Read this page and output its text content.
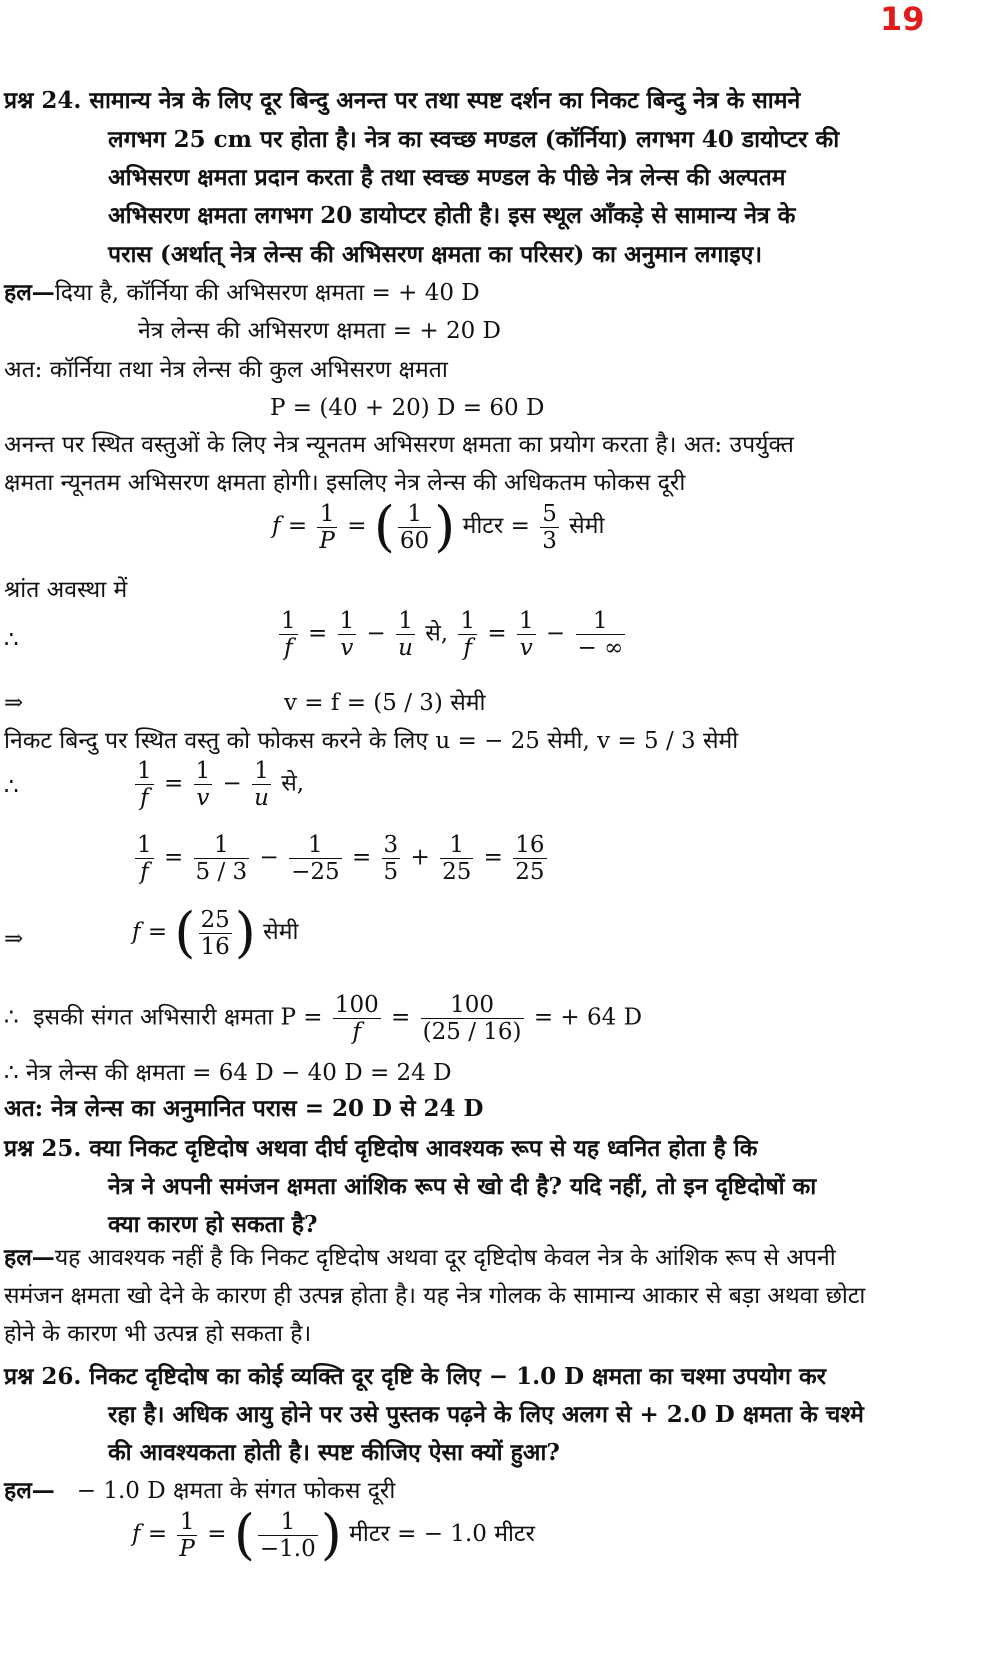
19
प्रश्न 24. सामान्य नेत्र के लिए दूर बिन्दु अनन्त पर तथा स्पष्ट दर्शन का निकट बिन्दु नेत्र के सामने
लगभग 25 cm पर होता है। नेत्र का स्वच्छ मण्डल (कॉर्निया) लगभग 40 डायोप्टर की
अभिसरण क्षमता प्रदान करता है तथा स्वच्छ मण्डल के पीछे नेत्र लेन्स की अल्पतम
अभिसरण क्षमता लगभग 20 डायोप्टर होती है। इस स्थूल आँकड़े से सामान्य नेत्र के
परास (अर्थात् नेत्र लेन्स की अभिसरण क्षमता का परिसर) का अनुमान लगाइए।
हल—दिया है, कॉर्निया की अभिसरण क्षमता = + 40 D
नेत्र लेन्स की अभिसरण क्षमता = + 20 D
अत: कॉर्निया तथा नेत्र लेन्स की कुल अभिसरण क्षमता
P = (40 + 20) D = 60 D
अनन्त पर स्थित वस्तुओं के लिए नेत्र न्यूनतम अभिसरण क्षमता का प्रयोग करता है। अत: उपर्युक्त
क्षमता न्यूनतम अभिसरण क्षमता होगी। इसलिए नेत्र लेन्स की अधिकतम फोकस दूरी
$f = \frac{1}{P}$ = ( $\frac{1}{60}$ ) मीटर = $\frac{5}{3}$ सेमी
श्रांत अवस्था में
∴	$\frac{1}{f} = \frac{1}{v} - \frac{1}{u}$ से, $\frac{1}{f} = \frac{1}{v} - \frac{1}{- \infty}$
⇒	v = f = (5 / 3) सेमी
निकट बिन्दु पर स्थित वस्तु को फोकस करने के लिए u = − 25 सेमी, v = 5 / 3 सेमी
∴	$\frac{1}{f} = \frac{1}{v} - \frac{1}{u}$ से,
$\frac{1}{f} = \frac{1}{5 / 3} - \frac{1}{-25} = \frac{3}{5} + \frac{1}{25} = \frac{16}{25}$
⇒	f = ( $\frac{25}{16}$ ) सेमी
∴ इसकी संगत अभिसारी क्षमता $P = \frac{100}{f} = \frac{100}{(25 / 16)}$ = + 64 D
∴ नेत्र लेन्स की क्षमता = 64 D − 40 D = 24 D
अत: नेत्र लेन्स का अनुमानित परास = 20 D से 24 D
प्रश्न 25. क्या निकट दृष्टिदोष अथवा दीर्घ दृष्टिदोष आवश्यक रूप से यह ध्वनित होता है कि
नेत्र ने अपनी समंजन क्षमता आंशिक रूप से खो दी है? यदि नहीं, तो इन दृष्टिदोषों का
क्या कारण हो सकता है?
हल—यह आवश्यक नहीं है कि निकट दृष्टिदोष अथवा दूर दृष्टिदोष केवल नेत्र के आंशिक रूप से अपनी
समंजन क्षमता खो देने के कारण ही उत्पन्न होता है। यह नेत्र गोलक के सामान्य आकार से बड़ा अथवा छोटा
होने के कारण भी उत्पन्न हो सकता है।
प्रश्न 26. निकट दृष्टिदोष का कोई व्यक्ति दूर दृष्टि के लिए − 1.0 D क्षमता का चश्मा उपयोग कर
रहा है। अधिक आयु होने पर उसे पुस्तक पढ़ने के लिए अलग से + 2.0 D क्षमता के चश्मे
की आवश्यकता होती है। स्पष्ट कीजिए ऐसा क्यों हुआ?
हल— − 1.0 D क्षमता के संगत फोकस दूरी
$f = \frac{1}{P}$ = ( $\frac{1}{-1.0}$ ) मीटर = − 1.0 मीटर
